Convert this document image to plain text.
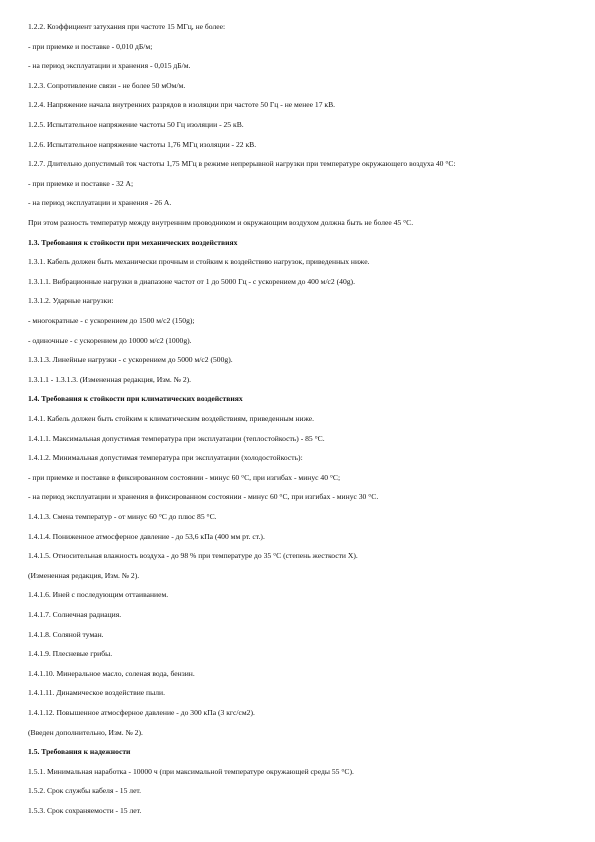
1.2.2. Коэффициент затухания при частоте 15 МГц, не более:
- при приемке и поставке - 0,010 дБ/м;
- на период эксплуатации и хранения - 0,015 дБ/м.
1.2.3. Сопротивление связи - не более 50 мОм/м.
1.2.4. Напряжение начала внутренних разрядов в изоляции при частоте 50 Гц - не менее 17 кВ.
1.2.5. Испытательное напряжение частоты 50 Гц изоляции - 25 кВ.
1.2.6. Испытательное напряжение частоты 1,76 МГц изоляции - 22 кВ.
1.2.7. Длительно допустимый ток частоты 1,75 МГц в режиме непрерывной нагрузки при температуре окружающего воздуха 40 °С:
- при приемке и поставке - 32 А;
- на период эксплуатации и хранения - 26 А.
При этом разность температур между внутренним проводником и окружающим воздухом должна быть не более 45 °С.
1.3. Требования к стойкости при механических воздействиях
1.3.1. Кабель должен быть механически прочным и стойким к воздействию нагрузок, приведенных ниже.
1.3.1.1. Вибрационные нагрузки в диапазоне частот от 1 до 5000 Гц - с ускорением до 400 м/с2 (40g).
1.3.1.2. Ударные нагрузки:
- многократные - с ускорением до 1500 м/с2 (150g);
- одиночные - с ускорением до 10000 м/с2 (1000g).
1.3.1.3. Линейные нагрузки - с ускорением до 5000 м/с2 (500g).
1.3.1.1 - 1.3.1.3. (Измененная редакция, Изм. № 2).
1.4. Требования к стойкости при климатических воздействиях
1.4.1. Кабель должен быть стойким к климатическим воздействиям, приведенным ниже.
1.4.1.1. Максимальная допустимая температура при эксплуатации (теплостойкость) - 85 °С.
1.4.1.2. Минимальная допустимая температура при эксплуатации (холодостойкость):
- при приемке и поставке в фиксированном состоянии - минус 60 °С, при изгибах - минус 40 °С;
- на период эксплуатации и хранения в фиксированном состоянии - минус 60 °С, при изгибах - минус 30 °С.
1.4.1.3. Смена температур - от минус 60 °С до плюс 85 °С.
1.4.1.4. Пониженное атмосферное давление - до 53,6 кПа (400 мм рт. ст.).
1.4.1.5. Относительная влажность воздуха - до 98 % при температуре до 35 °С (степень жесткости Х).
(Измененная редакция, Изм. № 2).
1.4.1.6. Иней с последующим оттаиванием.
1.4.1.7. Солнечная радиация.
1.4.1.8. Соляной туман.
1.4.1.9. Плесневые грибы.
1.4.1.10. Минеральное масло, соленая вода, бензин.
1.4.1.11. Динамическое воздействие пыли.
1.4.1.12. Повышенное атмосферное давление - до 300 кПа (3 кгс/см2).
(Введен дополнительно, Изм. № 2).
1.5. Требования к надежности
1.5.1. Минимальная наработка - 10000 ч (при максимальной температуре окружающей среды 55 °С).
1.5.2. Срок службы кабеля - 15 лет.
1.5.3. Срок сохраняемости - 15 лет.
